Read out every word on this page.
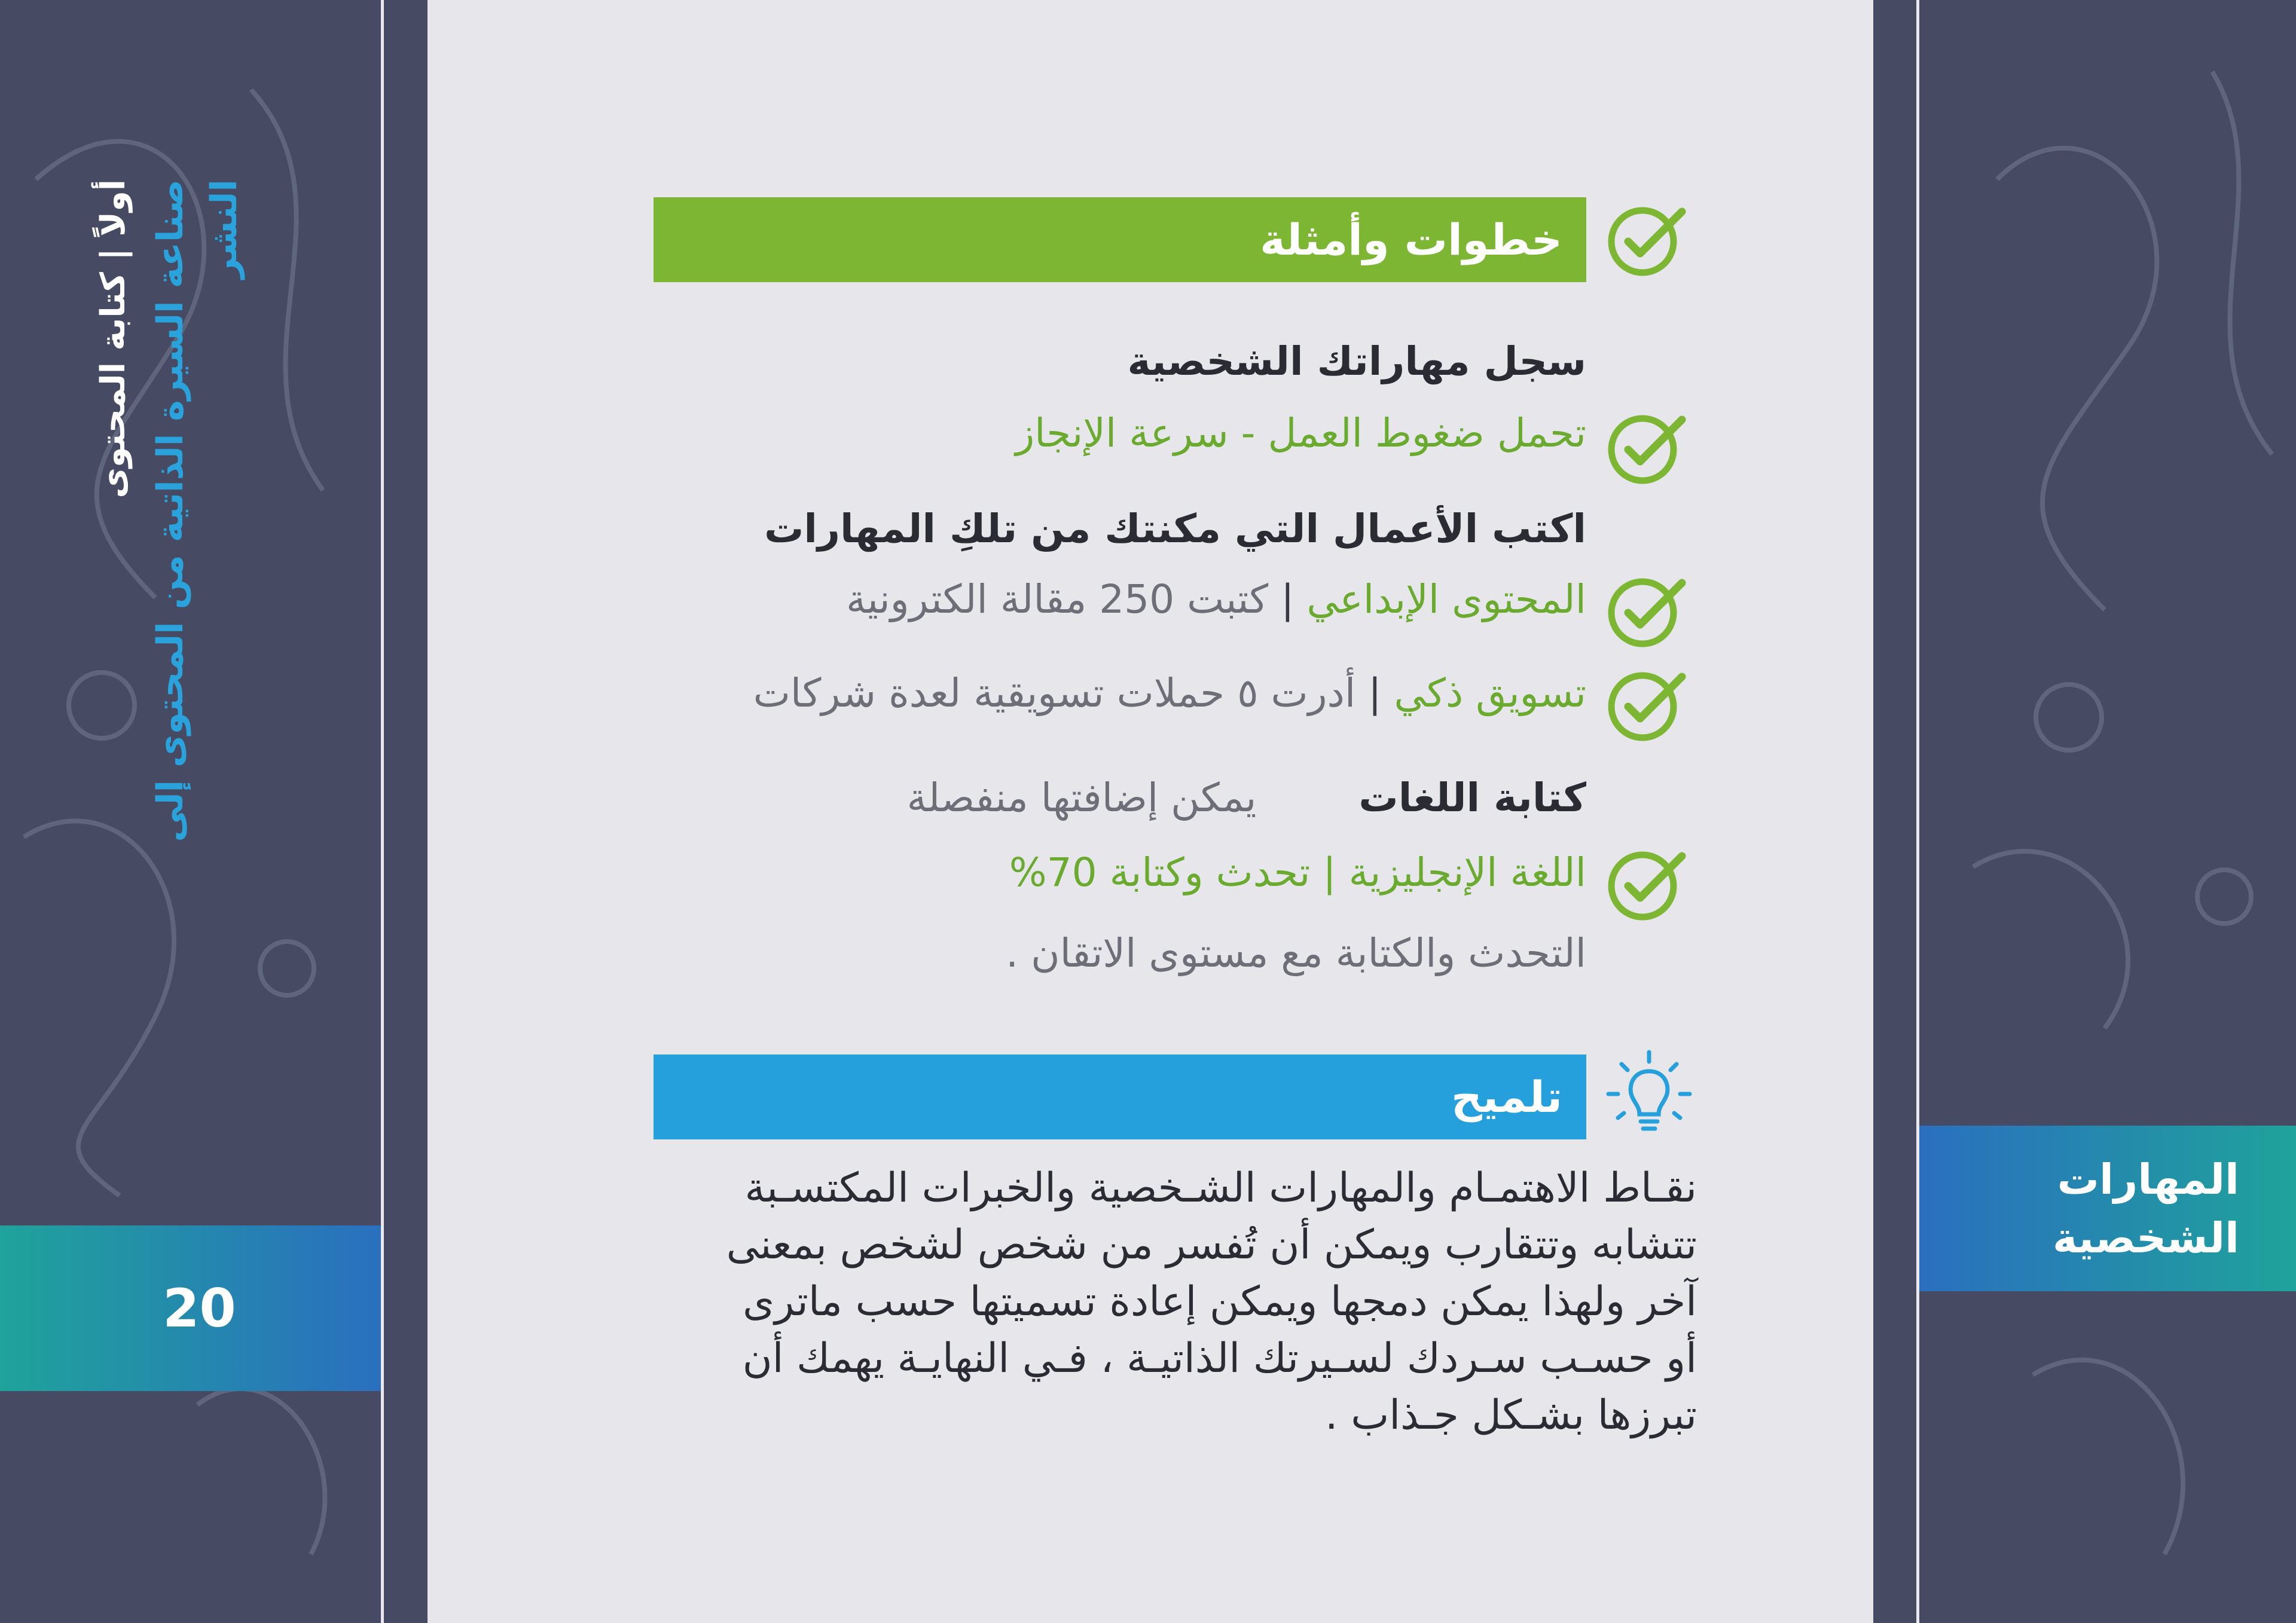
أولاً | كتابة المحتوى صناعة السيرة الذاتية من المحتوى إلى النشر
20
المهارات الشخصية
خطوات وأمثلة
سجل مهاراتك الشخصية
تحمل ضغوط العمل - سرعة الإنجاز
اكتب الأعمال التي مكنتك من تلكِ المهارات
المحتوى الإبداعي | كتبت 250 مقالة الكترونية
تسويق ذكي | أدرت ٥ حملات تسويقية لعدة شركات
كتابة اللغات يمكن إضافتها منفصلة
اللغة الإنجليزية | تحدث وكتابة 70%
التحدث والكتابة مع مستوى الاتقان .
تلميح

نقـاط الاهتمـام والمهارات الشـخصية والخبرات المكتسـبة

تتشابه وتتقارب ويمكن أن تُفسر من شخص لشخص بمعنى

آخر ولهذا يمكن دمجها ويمكن إعادة تسميتها حسب ماترى

أو حسـب سـردك لسـيرتك الذاتيـة ، فـي النهايـة يهمك أن

تبرزها بشـكل جـذاب .
